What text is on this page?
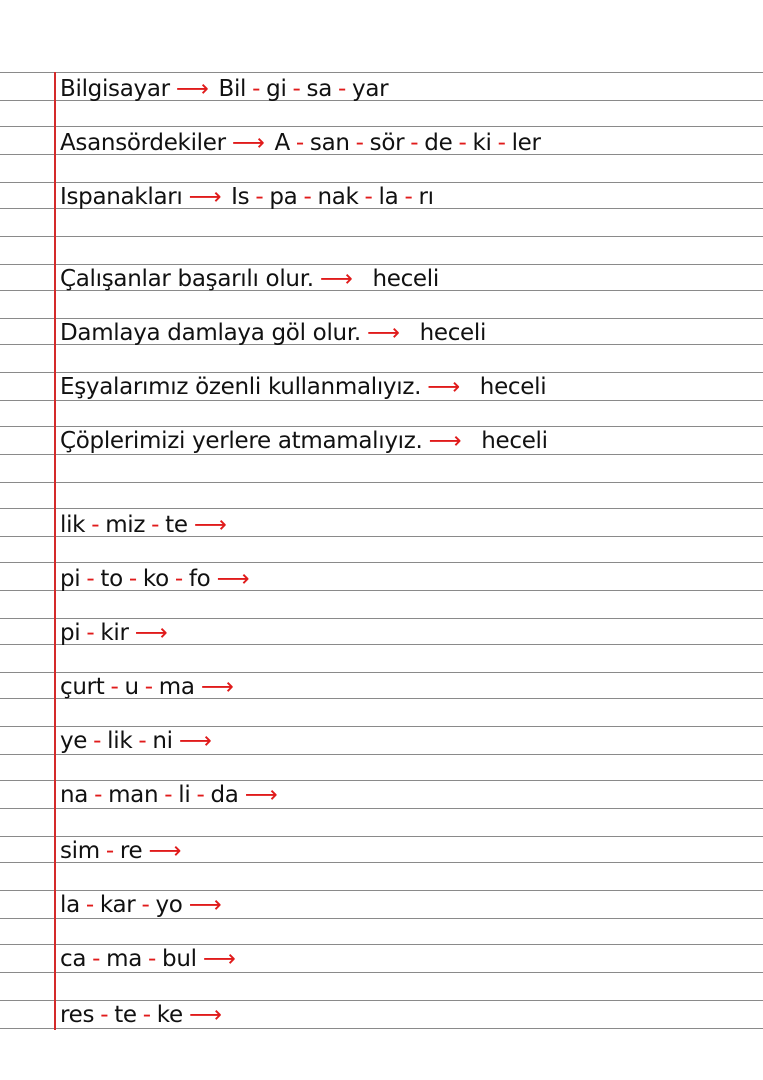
Bilgisayar ⟶ Bil - gi - sa - yar
Asansördekiler ⟶ A - san - sör - de - ki - ler
Ispanakları ⟶ Is - pa - nak - la - rı
Çalışanlar başarılı olur. ⟶ heceli
Damlaya damlaya göl olur. ⟶ heceli
Eşyalarımız özenli kullanmalıyız. ⟶ heceli
Çöplerimizi yerlere atmamalıyız. ⟶ heceli
lik - miz - te ⟶
pi - to - ko - fo ⟶
pi - kir ⟶
çurt - u - ma ⟶
ye - lik - ni ⟶
na - man - li - da ⟶
sim - re ⟶
la - kar - yo ⟶
ca - ma - bul ⟶
res - te - ke ⟶
